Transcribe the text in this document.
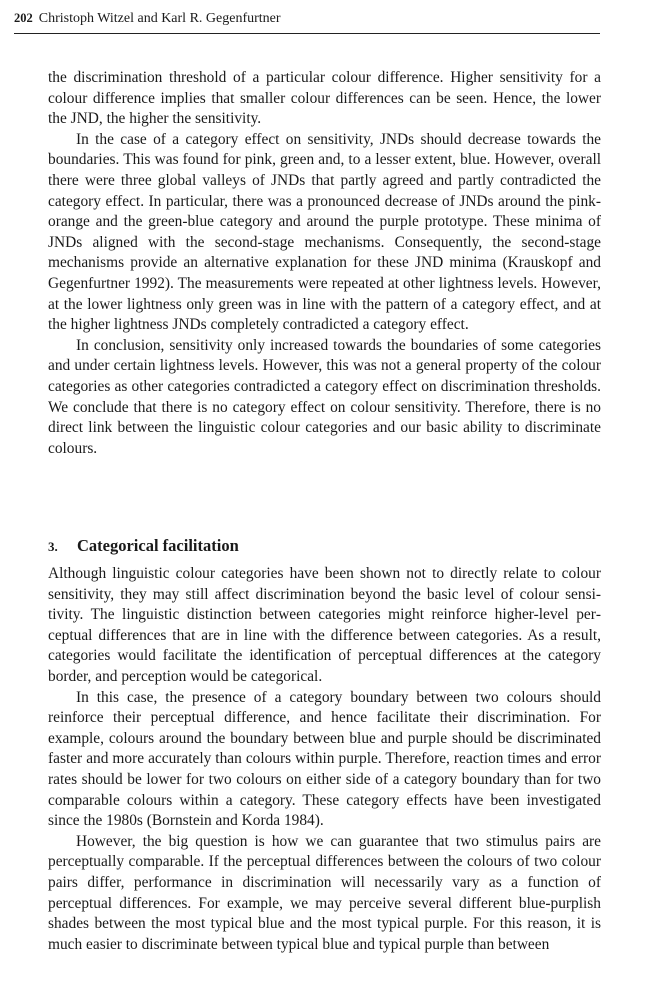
202 Christoph Witzel and Karl R. Gegenfurtner

the discrimination threshold of a particular colour difference. Higher sensitivity for a colour difference implies that smaller colour differences can be seen. Hence, the lower the JND, the higher the sensitivity.

In the case of a category effect on sensitivity, JNDs should decrease towards the boundaries. This was found for pink, green and, to a lesser extent, blue. However, overall there were three global valleys of JNDs that partly agreed and partly contradicted the category effect. In particular, there was a pronounced decrease of JNDs around the pink-orange and the green-blue category and around the purple prototype. These minima of JNDs aligned with the second-stage mechanisms. Consequently, the second-stage mechanisms provide an alternative explanation for these JND minima (Krauskopf and Gegenfurtner 1992). The measurements were repeated at other lightness levels. However, at the lower lightness only green was in line with the pattern of a category effect, and at the higher lightness JNDs completely contradicted a category effect.

In conclusion, sensitivity only increased towards the boundaries of some categories and under certain lightness levels. However, this was not a general property of the colour categories as other categories contradicted a category effect on discrimination thresholds. We conclude that there is no category effect on colour sensitivity. Therefore, there is no direct link between the linguistic colour categories and our basic ability to discriminate colours.

3. Categorical facilitation

Although linguistic colour categories have been shown not to directly relate to colour sensitivity, they may still affect discrimination beyond the basic level of colour sensitivity. The linguistic distinction between categories might reinforce higher-level perceptual differences that are in line with the difference between categories. As a result, categories would facilitate the identification of perceptual differences at the category border, and perception would be categorical.

In this case, the presence of a category boundary between two colours should reinforce their perceptual difference, and hence facilitate their discrimination. For example, colours around the boundary between blue and purple should be discriminated faster and more accurately than colours within purple. Therefore, reaction times and error rates should be lower for two colours on either side of a category boundary than for two comparable colours within a category. These category effects have been investigated since the 1980s (Bornstein and Korda 1984).

However, the big question is how we can guarantee that two stimulus pairs are perceptually comparable. If the perceptual differences between the colours of two colour pairs differ, performance in discrimination will necessarily vary as a function of perceptual differences. For example, we may perceive several different blue-purplish shades between the most typical blue and the most typical purple. For this reason, it is much easier to discriminate between typical blue and typical purple than between
